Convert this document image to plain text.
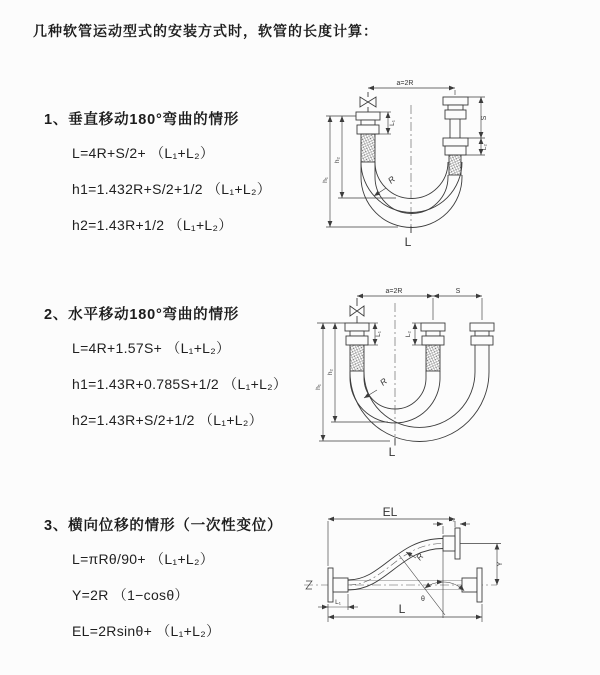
几种软管运动型式的安装方式时，软管的长度计算：
1、垂直移动180°弯曲的情形
L=4R+S/2+ （L₁+L₂）
h1=1.432R+S/2+1/2 （L₁+L₂）
h2=1.43R+1/2 （L₁+L₂）
2、水平移动180°弯曲的情形
L=4R+1.57S+ （L₁+L₂）
h1=1.43R+0.785S+1/2 （L₁+L₂）
h2=1.43R+S/2+1/2 （L₁+L₂）
3、横向位移的情形（一次性变位）
L=πRθ/90+ （L₁+L₂）
Y=2R （1−cosθ）
EL=2Rsinθ+ （L₁+L₂）
a=2R
L₁
S
L₂
h₁
h₂
R
L
a=2R	S
L₁	L₂
h₁
h₂
R
L
EL
L₂
Y
R
θ
L₁	L
